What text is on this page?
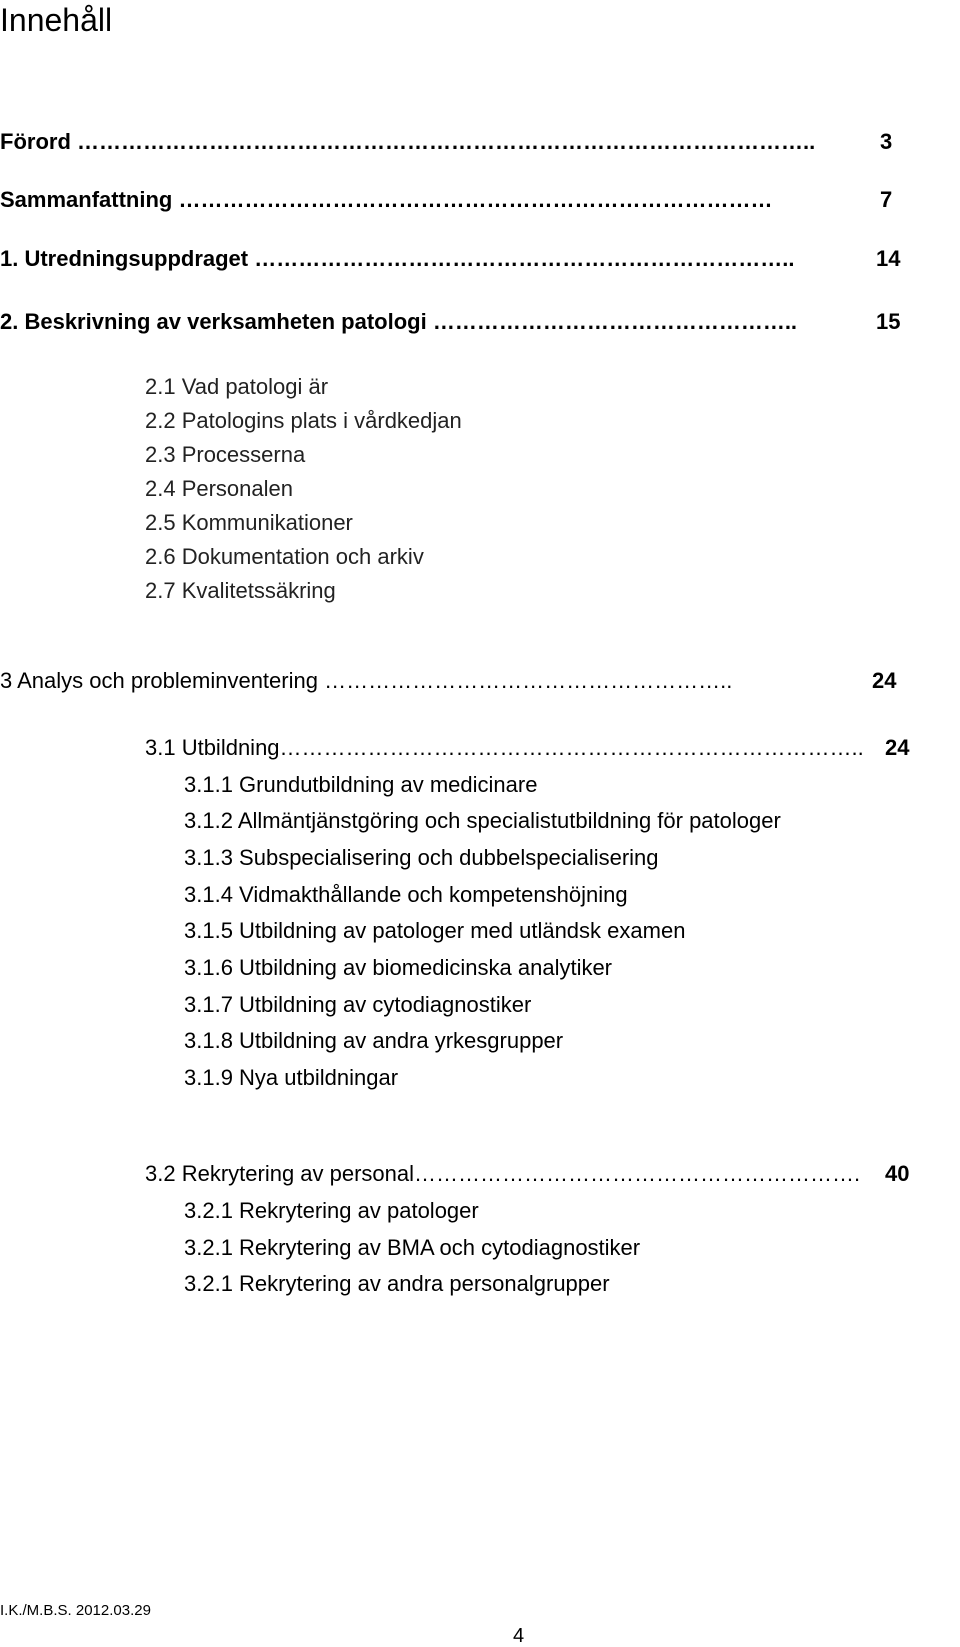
Innehåll
Förord ………………………………………………………………………………………..	3
Sammanfattning ………………………………………………………………………	7
1. Utredningsuppdraget ………………………………………………………………..	14
2. Beskrivning av verksamheten patologi …………………………………………..	15
2.1 Vad patologi är
2.2 Patologins plats i vårdkedjan
2.3 Processerna
2.4 Personalen
2.5 Kommunikationer
2.6 Dokumentation och arkiv
2.7 Kvalitetssäkring
3 Analys och probleminventering ………………………………………………..	24
3.1 Utbildning…………………………………………………………………….. 24
3.1.1 Grundutbildning av medicinare
3.1.2 Allmäntjänstgöring och specialistutbildning för patologer
3.1.3 Subspecialisering och dubbelspecialisering
3.1.4 Vidmakthållande och kompetenshöjning
3.1.5 Utbildning av patologer med utländsk examen
3.1.6 Utbildning av biomedicinska analytiker
3.1.7 Utbildning av cytodiagnostiker
3.1.8 Utbildning av andra yrkesgrupper
3.1.9 Nya utbildningar
3.2 Rekrytering av personal……………………………………………………. 40
3.2.1 Rekrytering av patologer
3.2.1 Rekrytering av BMA och cytodiagnostiker
3.2.1 Rekrytering av andra personalgrupper
I.K./M.B.S. 2012.03.29
4
